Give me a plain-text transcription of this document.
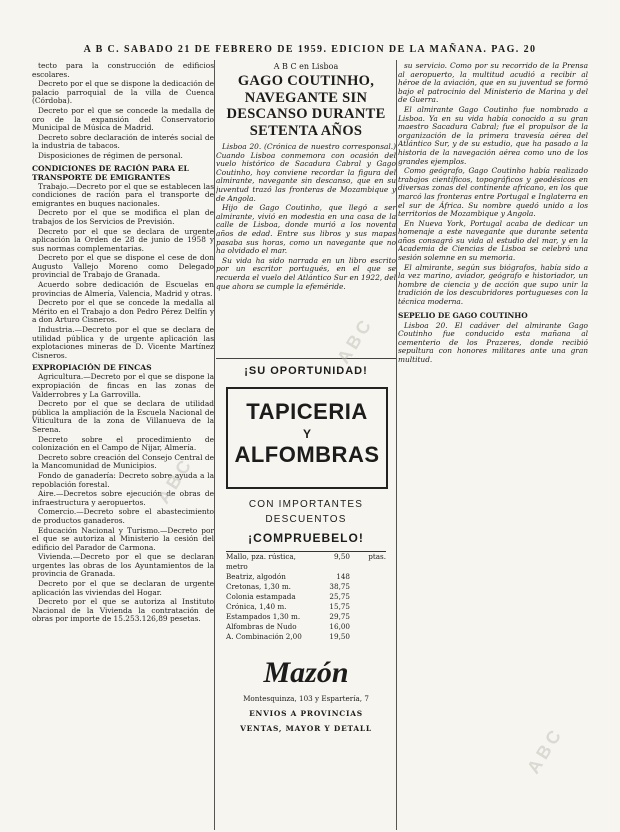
A B C. SABADO 21 DE FEBRERO DE 1959. EDICION DE LA MAÑANA. PAG. 20

tecto para la construcción de edificios escolares.

Decreto por el que se dispone la dedicación de palacio parroquial de la villa de Cuenca (Córdoba).

Decreto por el que se concede la medalla de oro de la expansión del Conservatorio Municipal de Música de Madrid.

Decreto sobre declaración de interés social de la industria de tabacos.

Disposiciones de régimen de personal.

CONDICIONES DE RACIÓN PARA EL TRANSPORTE DE EMIGRANTES

Trabajo.—Decreto por el que se establecen las condiciones de ración para el transporte de emigrantes en buques nacionales.

Decreto por el que se modifica el plan de trabajos de los Servicios de Previsión.

Decreto por el que se declara de urgente aplicación la Orden de 28 de junio de 1958 y sus normas complementarias.

Decreto por el que se dispone el cese de don Augusto Vallejo Moreno como Delegado provincial de Trabajo de Granada.

Acuerdo sobre dedicación de Escuelas en provincias de Almería, Valencia, Madrid y otras.

Decreto por el que se concede la medalla al Mérito en el Trabajo a don Pedro Pérez Delfín y a don Arturo Cisneros.

Industria.—Decreto por el que se declara de utilidad pública y de urgente aplicación las explotaciones mineras de D. Vicente Martínez Cisneros.

EXPROPIACIÓN DE FINCAS

Agricultura.—Decreto por el que se dispone la expropiación de fincas en las zonas de Valderrobres y La Garrovilla.

Decreto por el que se declara de utilidad pública la ampliación de la Escuela Nacional de Viticultura de la zona de Villanueva de la Serena.

Decreto sobre el procedimiento de colonización en el Campo de Nijar, Almería.

Decreto sobre creación del Consejo Central de la Mancomunidad de Municipios.

Fondo de ganadería: Decreto sobre ayuda a la repoblación forestal.

Aire.—Decretos sobre ejecución de obras de infraestructura y aeropuertos.

Comercio.—Decreto sobre el abastecimiento de productos ganaderos.

Educación Nacional y Turismo.—Decreto por el que se autoriza al Ministerio la cesión del edificio del Parador de Carmona.

Vivienda.—Decreto por el que se declaran urgentes las obras de los Ayuntamientos de la provincia de Granada.

Decreto por el que se declaran de urgente aplicación las viviendas del Hogar.

Decreto por el que se autoriza al Instituto Nacional de la Vivienda la contratación de obras por importe de 15.253.126,89 pesetas.

A B C en Lisboa
GAGO COUTINHO, NAVEGANTE SIN DESCANSO DURANTE SETENTA AÑOS

Lisboa 20. (Crónica de nuestro corresponsal.) Cuando Lisboa conmemora con ocasión del vuelo histórico de Sacadura Cabral y Gago Coutinho, hoy conviene recordar la figura del almirante, navegante sin descanso, que en su juventud trazó las fronteras de Mozambique y de Angola.

Hijo de Gago Coutinho, que llegó a ser almirante, vivió en modestia en una casa de la calle de Lisboa, donde murió a los noventa años de edad. Entre sus libros y sus mapas pasaba sus horas, como un navegante que no ha olvidado el mar.

Su vida ha sido narrada en un libro escrito por un escritor portugués, en el que se recuerda el vuelo del Atlántico Sur en 1922, del que ahora se cumple la efeméride.

¡SU OPORTUNIDAD!
TAPICERIA
Y
ALFOMBRAS
CON IMPORTANTES
DESCUENTOS
¡COMPRUEBELO!
Mallo, pza. rústica, metro
9,50	ptas.
Beatriz, algodón	148
Cretonas, 1,30 m.	38,75
Colonia estampada	25,75
Crónica, 1,40 m.	15,75
Estampados 1,30 m.	29,75
Alfombras de Nudo	16,00
A. Combinación 2,00	19,50
Mazón
Montesquinza, 103 y Espartería, 7
ENVIOS A PROVINCIAS
VENTAS, MAYOR Y DETALL

su servicio. Como por su recorrido de la Prensa al aeropuerto, la multitud acudió a recibir al héroe de la aviación, que en su juventud se formó bajo el patrocinio del Ministerio de Marina y del de Guerra.

El almirante Gago Coutinho fue nombrado a Lisboa. Ya en su vida había conocido a su gran maestro Sacadura Cabral; fue el propulsor de la organización de la primera travesía aérea del Atlántico Sur, y de su estudio, que ha pasado a la historia de la navegación aérea como uno de los grandes ejemplos.

Como geógrafo, Gago Coutinho había realizado trabajos científicos, topográficos y geodésicos en diversas zonas del continente africano, en los que marcó las fronteras entre Portugal e Inglaterra en el sur de África. Su nombre quedó unido a los territorios de Mozambique y Angola.

En Nueva York, Portugal acaba de dedicar un homenaje a este navegante que durante setenta años consagró su vida al estudio del mar, y en la Academia de Ciencias de Lisboa se celebró una sesión solemne en su memoria.

El almirante, según sus biógrafos, había sido a la vez marino, aviador, geógrafo e historiador, un hombre de ciencia y de acción que supo unir la tradición de los descubridores portugueses con la técnica moderna.

SEPELIO DE GAGO COUTINHO

Lisboa 20. El cadáver del almirante Gago Coutinho fue conducido esta mañana al cementerio de los Prazeres, donde recibió sepultura con honores militares ante una gran multitud.

ABC
ABC
ABC
